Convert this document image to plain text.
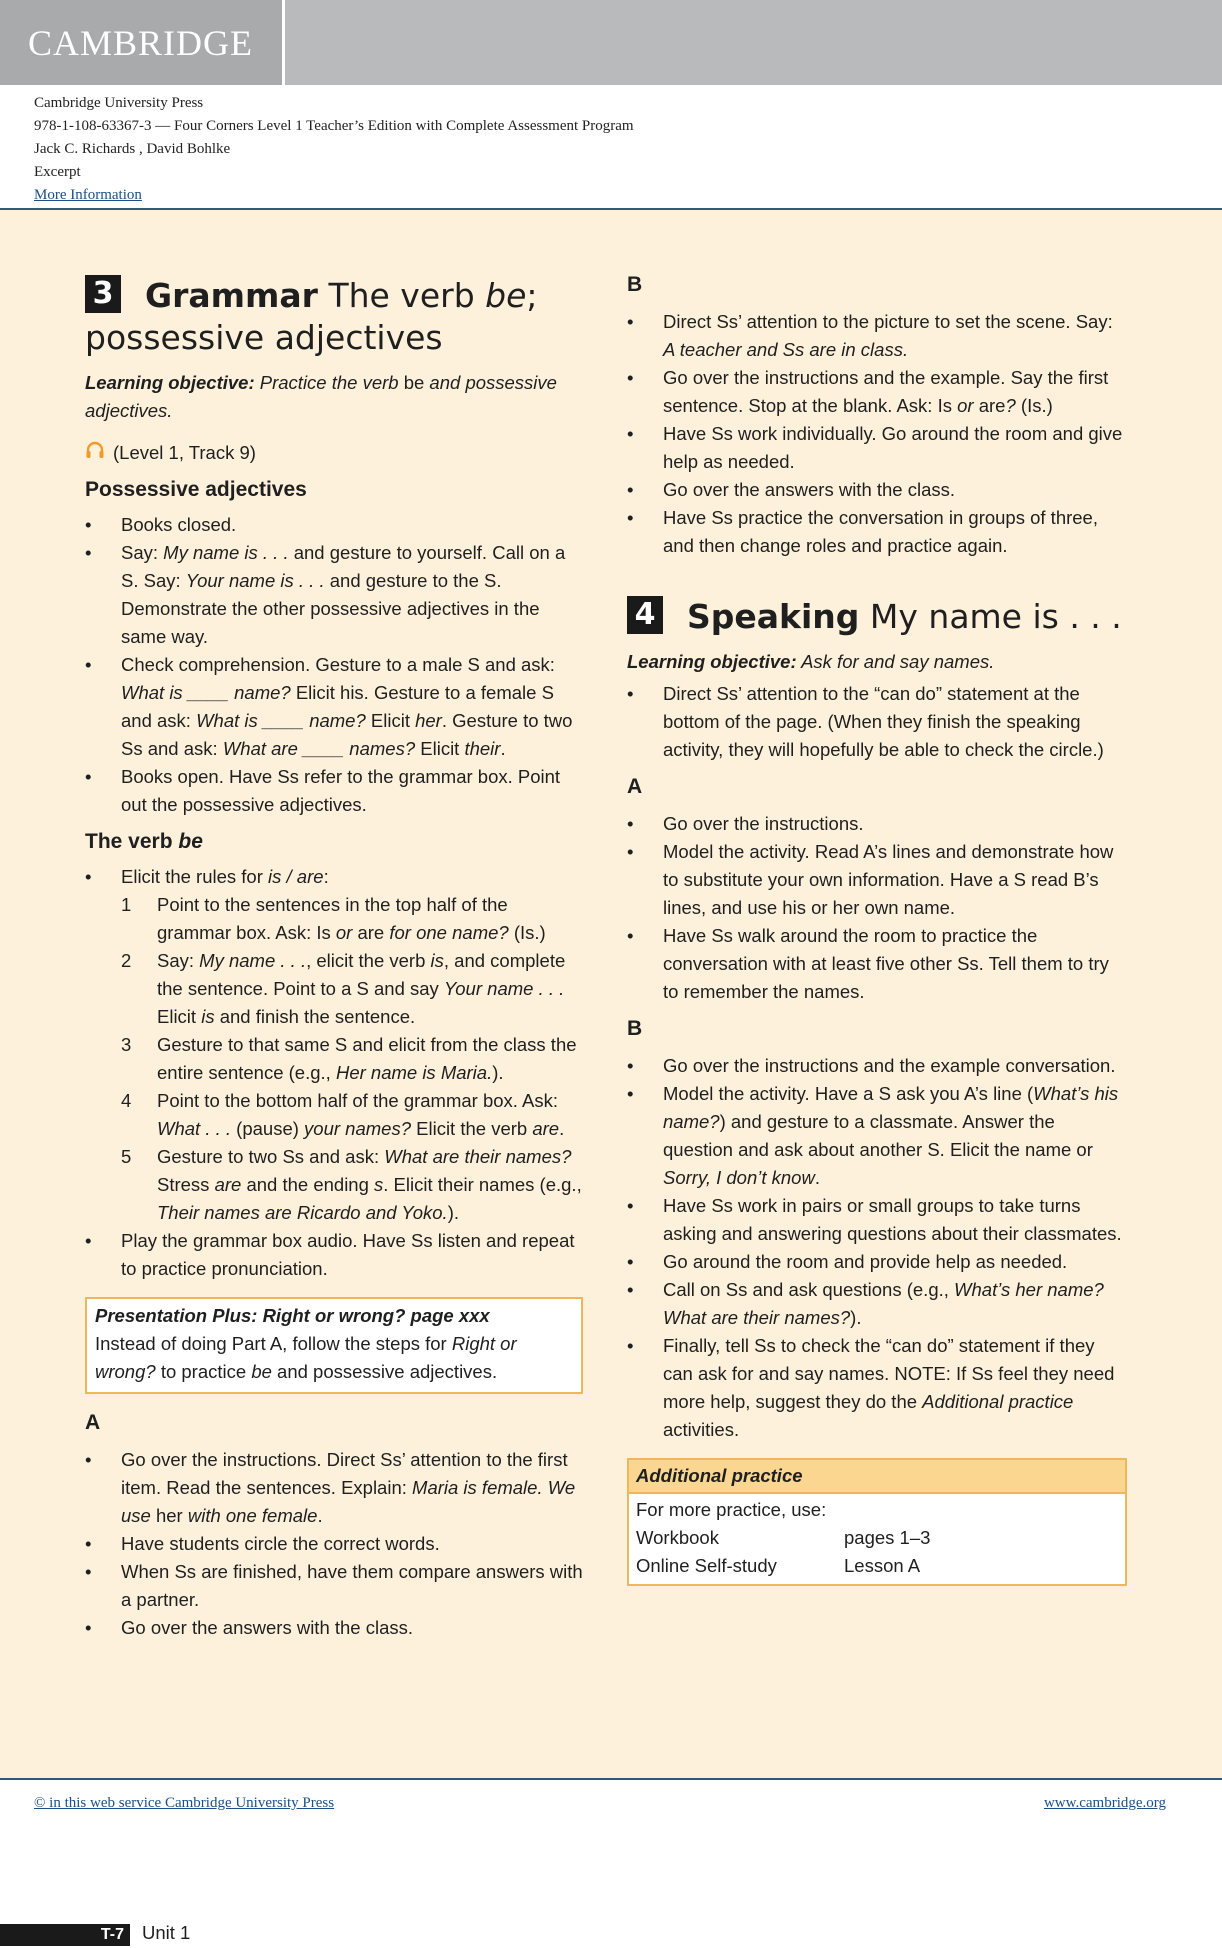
CAMBRIDGE
Cambridge University Press
978-1-108-63367-3 — Four Corners Level 1 Teacher’s Edition with Complete Assessment Program
Jack C. Richards , David Bohlke
Excerpt
More Information
T-7 Unit 1
3 Grammar The verb be; possessive adjectives

Learning objective: Practice the verb be and possessive adjectives.

(Level 1, Track 9)
Possessive adjectives
• Books closed.
• Say: My name is . . . and gesture to yourself. Call on a S. Say: Your name is . . . and gesture to the S. Demonstrate the other possessive adjectives in the same way.
• Check comprehension. Gesture to a male S and ask: What is ____ name? Elicit his. Gesture to a female S and ask: What is ____ name? Elicit her. Gesture to two Ss and ask: What are ____ names? Elicit their.
• Books open. Have Ss refer to the grammar box. Point out the possessive adjectives.
The verb be
• Elicit the rules for is / are:
1 Point to the sentences in the top half of the grammar box. Ask: Is or are for one name? (Is.)
2 Say: My name . . ., elicit the verb is, and complete the sentence. Point to a S and say Your name . . . Elicit is and finish the sentence.
3 Gesture to that same S and elicit from the class the entire sentence (e.g., Her name is Maria.).
4 Point to the bottom half of the grammar box. Ask: What . . . (pause) your names? Elicit the verb are.
5 Gesture to two Ss and ask: What are their names? Stress are and the ending s. Elicit their names (e.g., Their names are Ricardo and Yoko.).
• Play the grammar box audio. Have Ss listen and repeat to practice pronunciation.
Presentation Plus: Right or wrong? page xxx
Instead of doing Part A, follow the steps for Right or wrong? to practice be and possessive adjectives.
A
• Go over the instructions. Direct Ss’ attention to the first item. Read the sentences. Explain: Maria is female. We use her with one female.
• Have students circle the correct words.
• When Ss are finished, have them compare answers with a partner.
• Go over the answers with the class.
B
• Direct Ss’ attention to the picture to set the scene. Say: A teacher and Ss are in class.
• Go over the instructions and the example. Say the first sentence. Stop at the blank. Ask: Is or are? (Is.)
• Have Ss work individually. Go around the room and give help as needed.
• Go over the answers with the class.
• Have Ss practice the conversation in groups of three, and then change roles and practice again.
4 Speaking My name is . . .

Learning objective: Ask for and say names.

• Direct Ss’ attention to the “can do” statement at the bottom of the page. (When they finish the speaking activity, they will hopefully be able to check the circle.)
A
• Go over the instructions.
• Model the activity. Read A’s lines and demonstrate how to substitute your own information. Have a S read B’s lines, and use his or her own name.
• Have Ss walk around the room to practice the conversation with at least five other Ss. Tell them to try to remember the names.
B
• Go over the instructions and the example conversation.
• Model the activity. Have a S ask you A’s line (What’s his name?) and gesture to a classmate. Answer the question and ask about another S. Elicit the name or Sorry, I don’t know.
• Have Ss work in pairs or small groups to take turns asking and answering questions about their classmates.
• Go around the room and provide help as needed.
• Call on Ss and ask questions (e.g., What’s her name? What are their names?).
• Finally, tell Ss to check the “can do” statement if they can ask for and say names. NOTE: If Ss feel they need more help, suggest they do the Additional practice activities.
Additional practice
For more practice, use:
Workbook	pages 1–3
Online Self-study	Lesson A
© in this web service Cambridge University Press	www.cambridge.org
